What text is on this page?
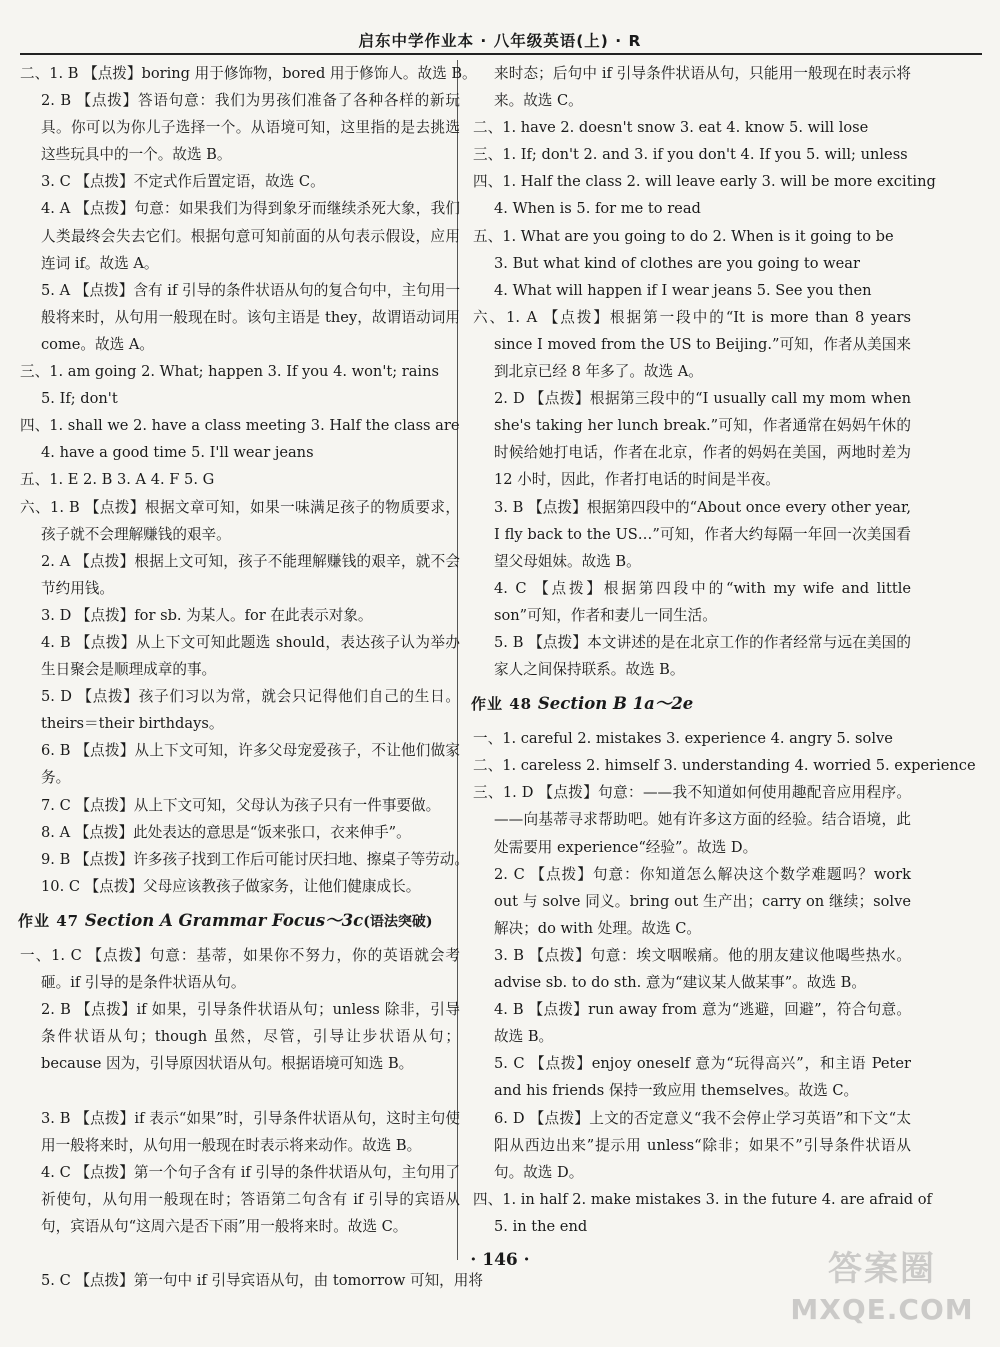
启东中学作业本 · 八年级英语(上) · R
二、1. B 【点拨】boring 用于修饰物，bored 用于修饰人。故选 B。
2. B 【点拨】答语句意：我们为男孩们准备了各种各样的新玩具。你可以为你儿子选择一个。从语境可知，这里指的是去挑选这些玩具中的一个。故选 B。
3. C 【点拨】不定式作后置定语，故选 C。
4. A 【点拨】句意：如果我们为得到象牙而继续杀死大象，我们人类最终会失去它们。根据句意可知前面的从句表示假设，应用连词 if。故选 A。
5. A 【点拨】含有 if 引导的条件状语从句的复合句中，主句用一般将来时，从句用一般现在时。该句主语是 they，故谓语动词用 come。故选 A。
三、1. am going 2. What; happen 3. If you 4. won't; rains
5. If; don't
四、1. shall we 2. have a class meeting 3. Half the class are
4. have a good time 5. I'll wear jeans
五、1. E 2. B 3. A 4. F 5. G
六、1. B 【点拨】根据文章可知，如果一味满足孩子的物质要求，孩子就不会理解赚钱的艰辛。
2. A 【点拨】根据上文可知，孩子不能理解赚钱的艰辛，就不会节约用钱。
3. D 【点拨】for sb. 为某人。for 在此表示对象。
4. B 【点拨】从上下文可知此题选 should，表达孩子认为举办生日聚会是顺理成章的事。
5. D 【点拨】孩子们习以为常，就会只记得他们自己的生日。theirs＝their birthdays。
6. B 【点拨】从上下文可知，许多父母宠爱孩子，不让他们做家务。
7. C 【点拨】从上下文可知，父母认为孩子只有一件事要做。
8. A 【点拨】此处表达的意思是“饭来张口，衣来伸手”。
9. B 【点拨】许多孩子找到工作后可能讨厌扫地、擦桌子等劳动。
10. C 【点拨】父母应该教孩子做家务，让他们健康成长。
作业 47 Section A Grammar Focus～3c(语法突破)
一、1. C 【点拨】句意：基蒂，如果你不努力，你的英语就会考砸。if 引导的是条件状语从句。
2. B 【点拨】if 如果，引导条件状语从句；unless 除非，引导条件状语从句；though 虽然，尽管，引导让步状语从句；because 因为，引导原因状语从句。根据语境可知选 B。
3. B 【点拨】if 表示“如果”时，引导条件状语从句，这时主句使用一般将来时，从句用一般现在时表示将来动作。故选 B。
4. C 【点拨】第一个句子含有 if 引导的条件状语从句，主句用了祈使句，从句用一般现在时；答语第二句含有 if 引导的宾语从句，宾语从句“这周六是否下雨”用一般将来时。故选 C。
5. C 【点拨】第一句中 if 引导宾语从句，由 tomorrow 可知，用将
来时态；后句中 if 引导条件状语从句，只能用一般现在时表示将来。故选 C。
二、1. have 2. doesn't snow 3. eat 4. know 5. will lose
三、1. If; don't 2. and 3. if you don't 4. If you 5. will; unless
四、1. Half the class 2. will leave early 3. will be more exciting
4. When is 5. for me to read
五、1. What are you going to do 2. When is it going to be
3. But what kind of clothes are you going to wear
4. What will happen if I wear jeans 5. See you then
六、1. A 【点拨】根据第一段中的“It is more than 8 years since I moved from the US to Beijing.”可知，作者从美国来到北京已经 8 年多了。故选 A。
2. D 【点拨】根据第三段中的“I usually call my mom when she's taking her lunch break.”可知，作者通常在妈妈午休的时候给她打电话，作者在北京，作者的妈妈在美国，两地时差为 12 小时，因此，作者打电话的时间是半夜。
3. B 【点拨】根据第四段中的“About once every other year, I fly back to the US…”可知，作者大约每隔一年回一次美国看望父母姐妹。故选 B。
4. C 【点拨】根据第四段中的“with my wife and little son”可知，作者和妻儿一同生活。
5. B 【点拨】本文讲述的是在北京工作的作者经常与远在美国的家人之间保持联系。故选 B。
作业 48 Section B 1a～2e
一、1. careful 2. mistakes 3. experience 4. angry 5. solve
二、1. careless 2. himself 3. understanding 4. worried 5. experience
三、1. D 【点拨】句意：——我不知道如何使用趣配音应用程序。——向基蒂寻求帮助吧。她有许多这方面的经验。结合语境，此处需要用 experience“经验”。故选 D。
2. C 【点拨】句意：你知道怎么解决这个数学难题吗？work out 与 solve 同义。bring out 生产出；carry on 继续；solve 解决；do with 处理。故选 C。
3. B 【点拨】句意：埃文咽喉痛。他的朋友建议他喝些热水。advise sb. to do sth. 意为“建议某人做某事”。故选 B。
4. B 【点拨】run away from 意为“逃避，回避”，符合句意。故选 B。
5. C 【点拨】enjoy oneself 意为“玩得高兴”，和主语 Peter and his friends 保持一致应用 themselves。故选 C。
6. D 【点拨】上文的否定意义“我不会停止学习英语”和下文“太阳从西边出来”提示用 unless“除非；如果不”引导条件状语从句。故选 D。
四、1. in half 2. make mistakes 3. in the future 4. are afraid of
5. in the end
· 146 ·	答案圈
MXQE.COM
